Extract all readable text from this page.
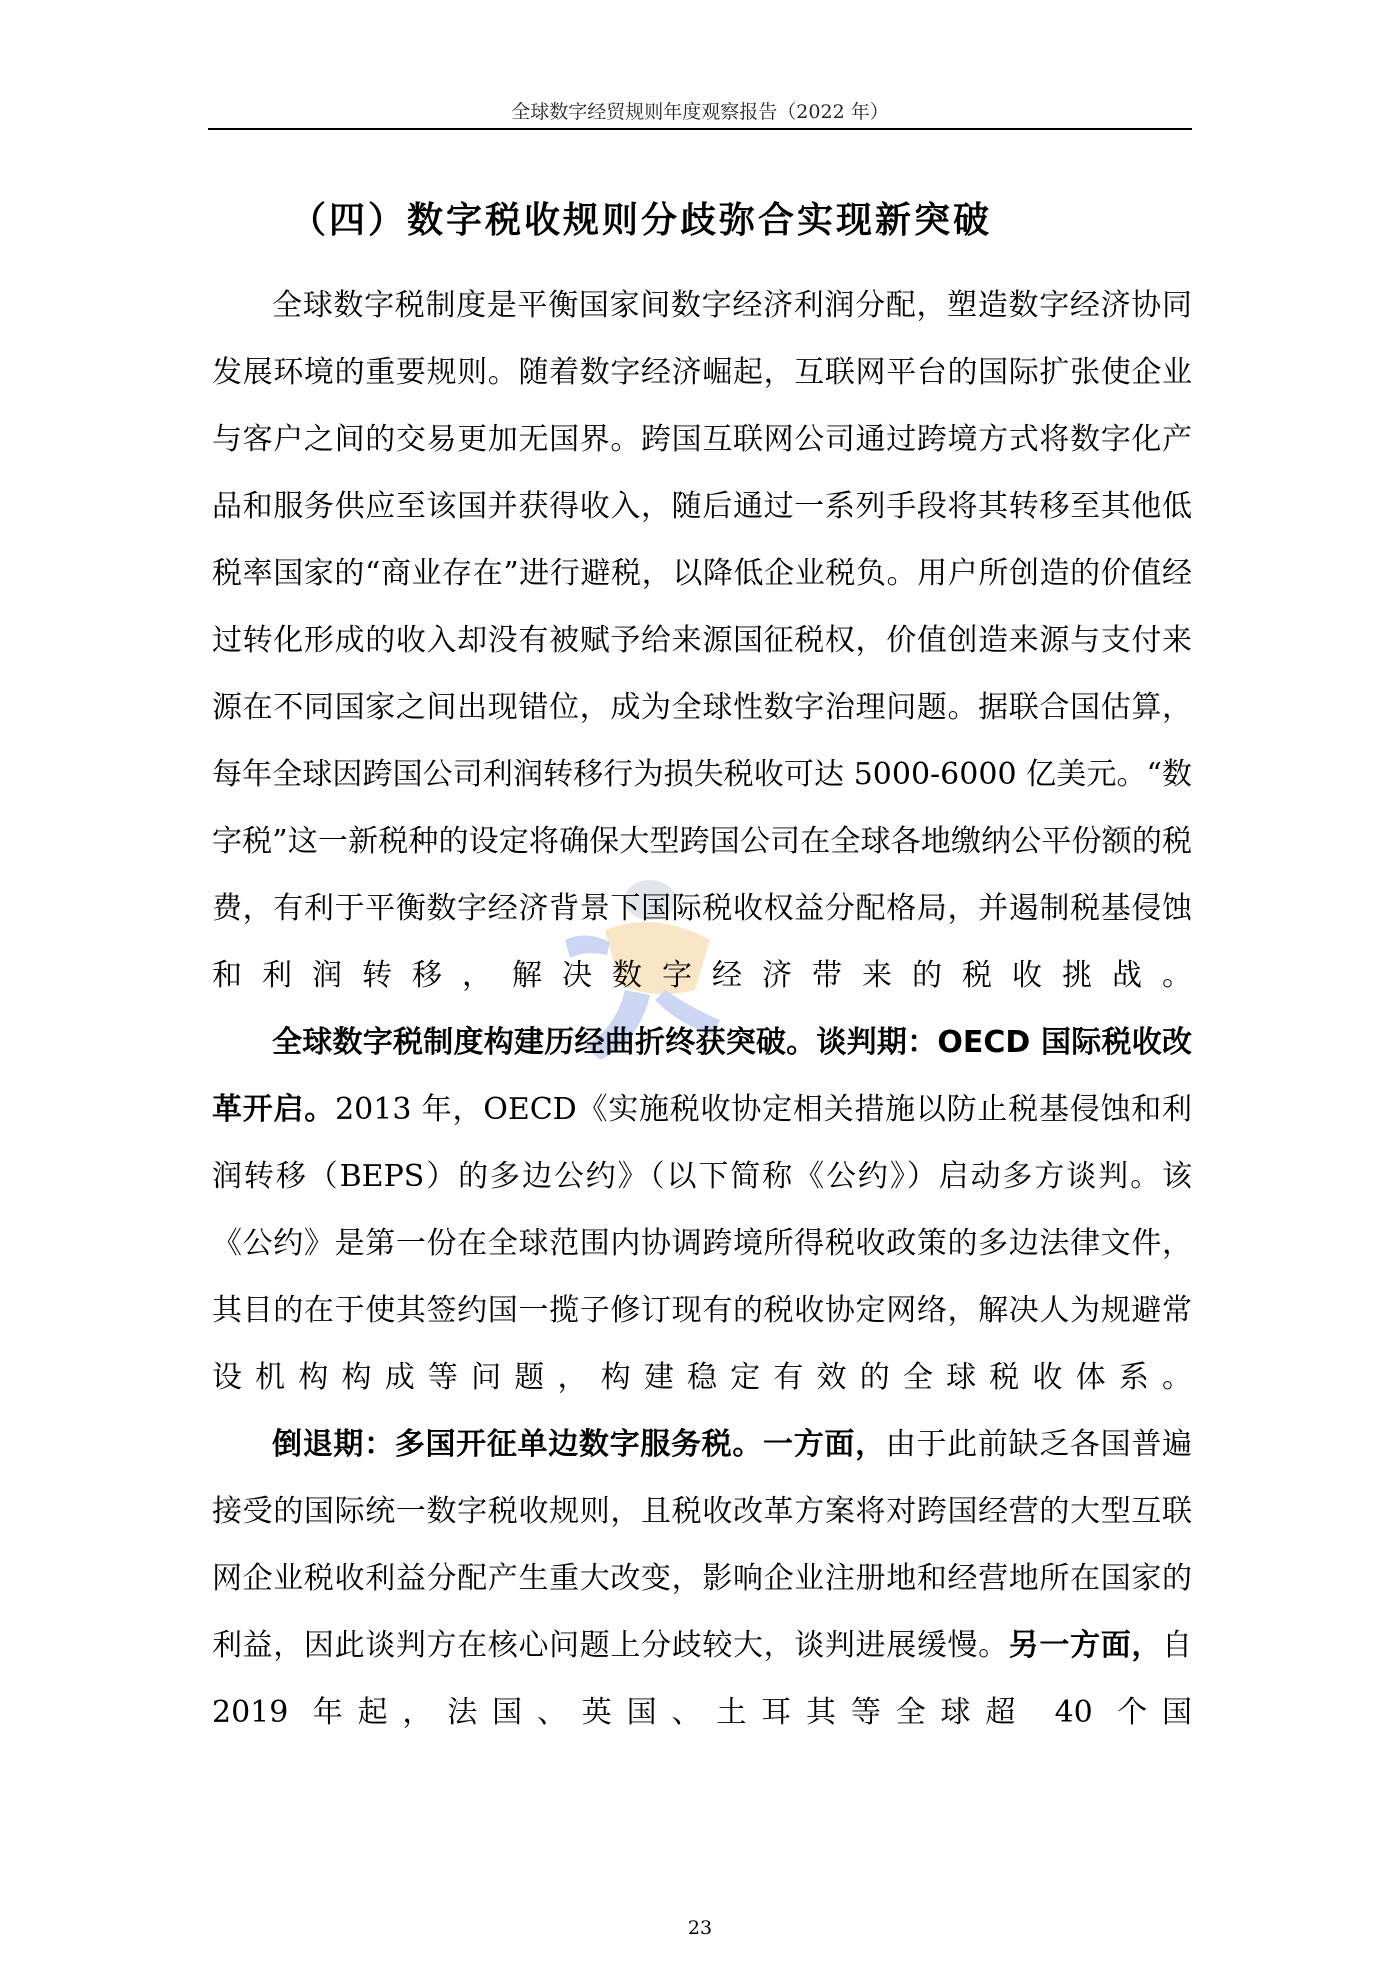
全球数字经贸规则年度观察报告（2022 年）
（四）数字税收规则分歧弥合实现新突破

全球数字税制度是平衡国家间数字经济利润分配，塑造数字经济协同发展环境的重要规则。随着数字经济崛起，互联网平台的国际扩张使企业与客户之间的交易更加无国界。跨国互联网公司通过跨境方式将数字化产品和服务供应至该国并获得收入，随后通过一系列手段将其转移至其他低税率国家的“商业存在”进行避税，以降低企业税负。用户所创造的价值经过转化形成的收入却没有被赋予给来源国征税权，价值创造来源与支付来源在不同国家之间出现错位，成为全球性数字治理问题。据联合国估算，每年全球因跨国公司利润转移行为损失税收可达 5000-6000 亿美元。“数字税”这一新税种的设定将确保大型跨国公司在全球各地缴纳公平份额的税费，有利于平衡数字经济背景下国际税收权益分配格局，并遏制税基侵蚀和利润转移，解决数字经济带来的税收挑战。

全球数字税制度构建历经曲折终获突破。谈判期：OECD 国际税收改革开启。2013 年，OECD《实施税收协定相关措施以防止税基侵蚀和利润转移（BEPS）的多边公约》（以下简称《公约》）启动多方谈判。该《公约》是第一份在全球范围内协调跨境所得税收政策的多边法律文件，其目的在于使其签约国一揽子修订现有的税收协定网络，解决人为规避常设机构构成等问题，构建稳定有效的全球税收体系。

倒退期：多国开征单边数字服务税。一方面，由于此前缺乏各国普遍接受的国际统一数字税收规则，且税收改革方案将对跨国经营的大型互联网企业税收利益分配产生重大改变，影响企业注册地和经营地所在国家的利益，因此谈判方在核心问题上分歧较大，谈判进展缓慢。另一方面，自 2019 年起，法国、英国、土耳其等全球超 40 个国

23
